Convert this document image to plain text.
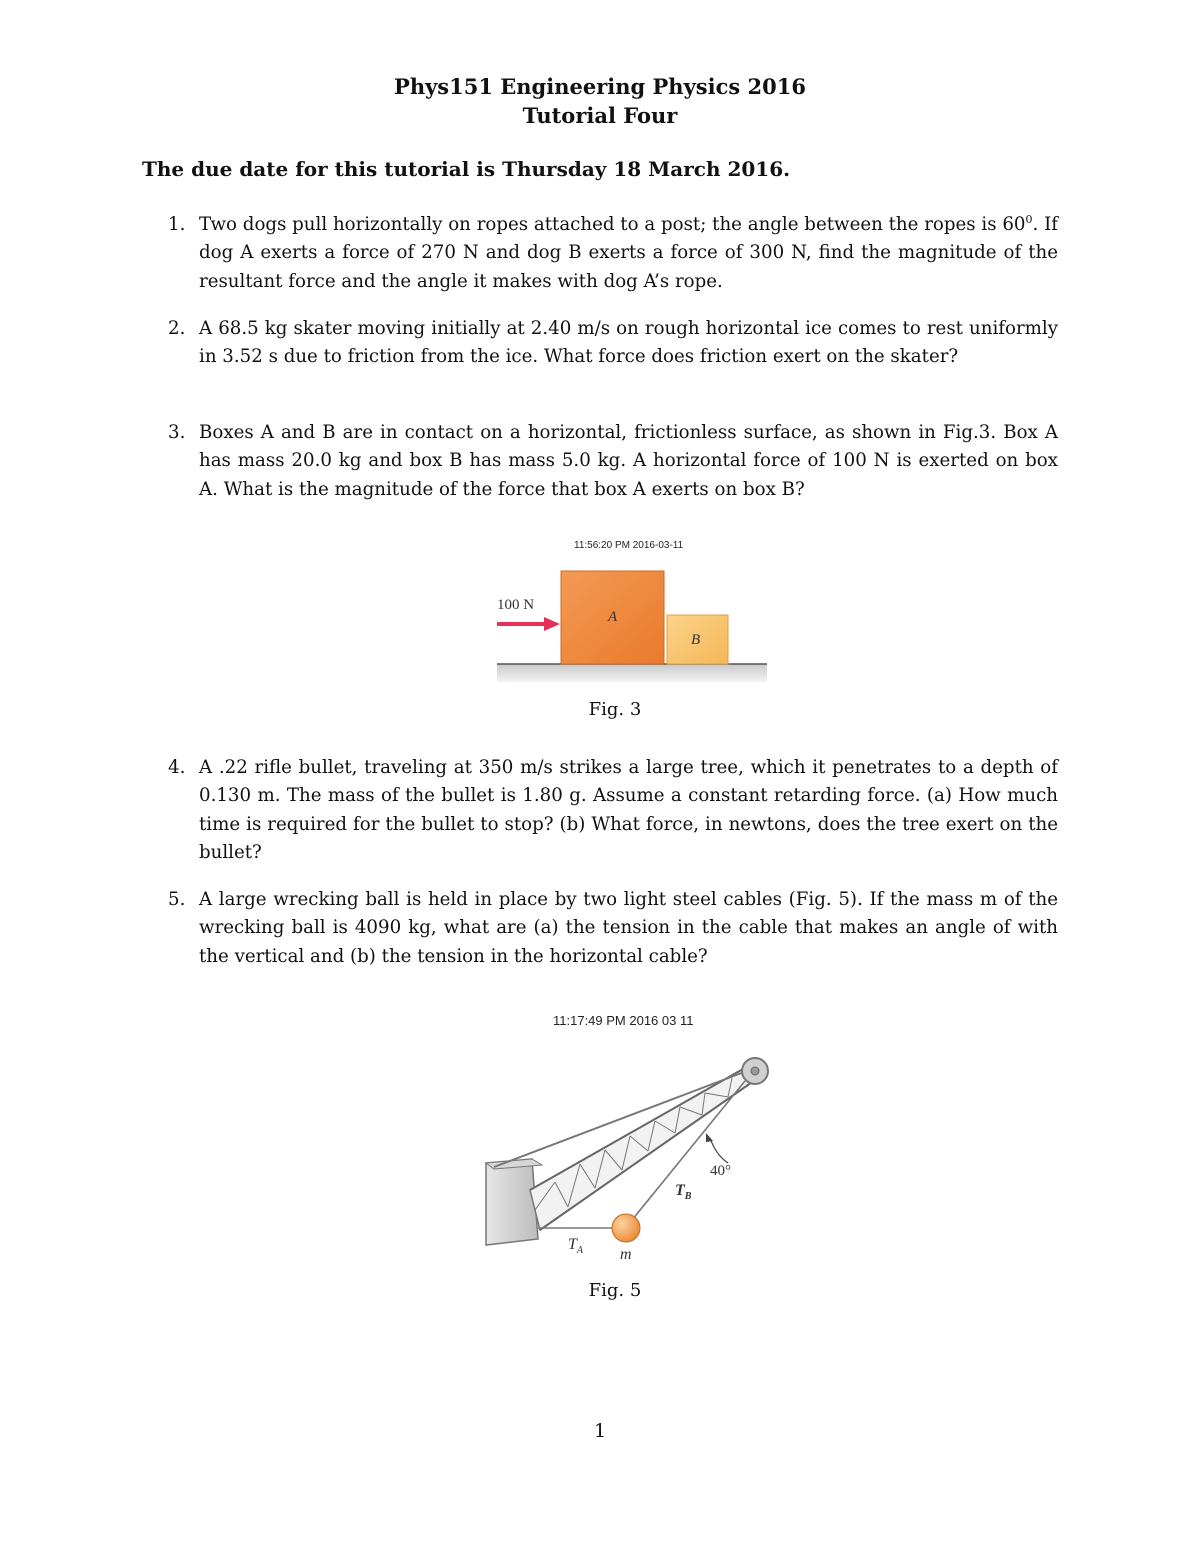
Phys151 Engineering Physics 2016
Tutorial Four
The due date for this tutorial is Thursday 18 March 2016.
1. Two dogs pull horizontally on ropes attached to a post; the angle between the ropes is $60^0$. If dog A exerts a force of 270 N and dog B exerts a force of 300 N, find the magnitude of the resultant force and the angle it makes with dog A’s rope.
2. A 68.5 kg skater moving initially at 2.40 m/s on rough horizontal ice comes to rest uniformly in 3.52 s due to friction from the ice. What force does friction exert on the skater?
3. Boxes A and B are in contact on a horizontal, frictionless surface, as shown in Fig.3. Box A has mass 20.0 kg and box B has mass 5.0 kg. A horizontal force of 100 N is exerted on box A. What is the magnitude of the force that box A exerts on box B?
11:56:20 PM 2016-03-11
A
B
100 N
Fig. 3
4. A .22 rifle bullet, traveling at 350 m/s strikes a large tree, which it penetrates to a depth of 0.130 m. The mass of the bullet is 1.80 g. Assume a constant retarding force. (a) How much time is required for the bullet to stop? (b) What force, in newtons, does the tree exert on the bullet?
5. A large wrecking ball is held in place by two light steel cables (Fig. 5). If the mass m of the wrecking ball is 4090 kg, what are (a) the tension in the cable that makes an angle of with the vertical and (b) the tension in the horizontal cable?
11:17:49 PM 2016 03 11
40°
$T_B$
$T_A$ m
Fig. 5
1
